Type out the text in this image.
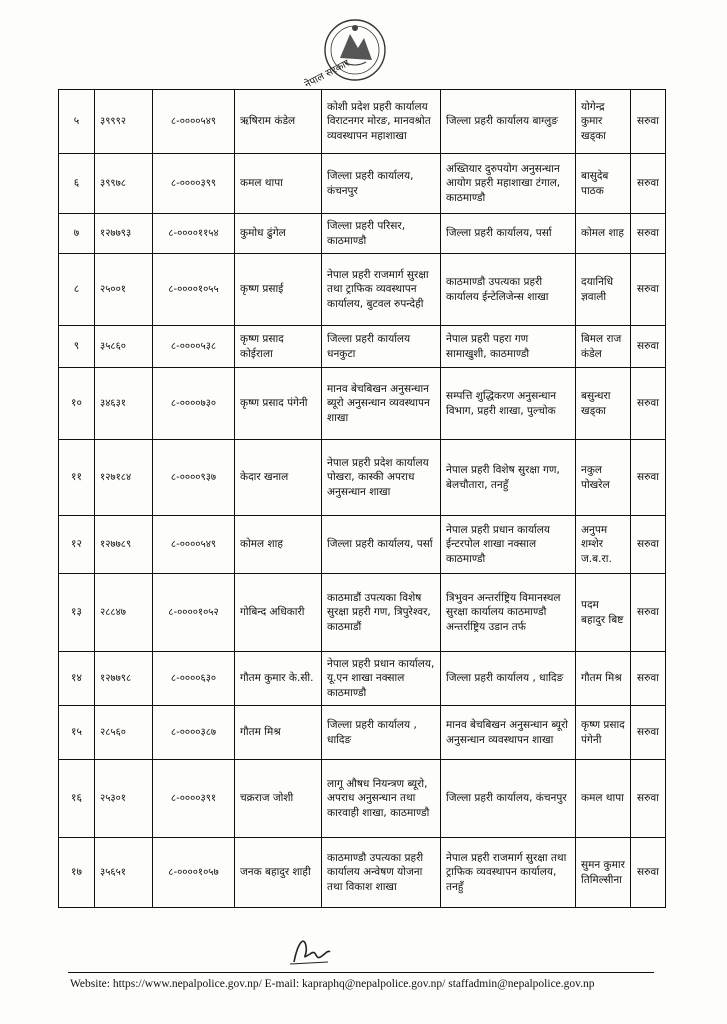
नेपाल सरकार
५	३९९९२	८-००००५४९	ऋषिराम कंडेल	कोशी प्रदेश प्रहरी कार्यालय विराटनगर मोरङ, मानवश्रोत व्यवस्थापन महाशाखा	जिल्ला प्रहरी कार्यालय बाग्लुङ	योगेन्द्र कुमार खड्का	सरुवा
६	३९९७८	८-००००३९९	कमल थापा	जिल्ला प्रहरी कार्यालय, कंचनपुर	अख्तियार दुरुपयोग अनुसन्धान आयोग प्रहरी महाशाखा टंगाल, काठमाण्डौ	बासुदेब पाठक	सरुवा
७	१२७७९३	८-००००११५४	कुमोध ढुंगेल	जिल्ला प्रहरी परिसर, काठमाण्डौ	जिल्ला प्रहरी कार्यालय, पर्सा	कोमल शाह	सरुवा
८	२५००१	८-००००१०५५	कृष्ण प्रसाई	नेपाल प्रहरी राजमार्ग सुरक्षा तथा ट्राफिक व्यवस्थापन कार्यालय, बुटवल रुपन्देही	काठमाण्डौ उपत्यका प्रहरी कार्यालय ईन्टेलिजेन्स शाखा	दयानिधि ज्ञवाली	सरुवा
९	३५८६०	८-००००५३८	कृष्ण प्रसाद कोईराला	जिल्ला प्रहरी कार्यालय धनकुटा	नेपाल प्रहरी पहरा गण सामाखुशी, काठमाण्डौ	बिमल राज कंडेल	सरुवा
१०	३४६३१	८-००००७३०	कृष्ण प्रसाद पंगेनी	मानव बेचबिखन अनुसन्धान ब्यूरो अनुसन्धान व्यवस्थापन शाखा	सम्पत्ति शुद्धिकरण अनुसन्धान विभाग, प्रहरी शाखा, पुल्चोक	बसुन्धरा खड्का	सरुवा
११	१२७१८४	८-००००९३७	केदार खनाल	नेपाल प्रहरी प्रदेश कार्यालय पोखरा, कास्की अपराध अनुसन्धान शाखा	नेपाल प्रहरी विशेष सुरक्षा गण, बेलचौतारा, तनहुँ	नकुल पोखरेल	सरुवा
१२	१२७७८९	८-००००५४९	कोमल शाह	जिल्ला प्रहरी कार्यालय, पर्सा	नेपाल प्रहरी प्रधान कार्यालय ईन्टरपोल शाखा नक्साल काठमाण्डौ	अनुपम शम्शेर ज.ब.रा.	सरुवा
१३	२८८४७	८-००००१०५२	गोबिन्द अधिकारी	काठमाडौं उपत्यका विशेष सुरक्षा प्रहरी गण, त्रिपुरेश्वर, काठमाडौं	त्रिभुवन अन्तर्राष्ट्रिय विमानस्थल सुरक्षा कार्यालय काठमाण्डौ अन्तर्राष्ट्रिय उडान तर्फ	पदम बहादुर बिष्ट	सरुवा
१४	१२७७९८	८-००००६३०	गौतम कुमार के.सी.	नेपाल प्रहरी प्रधान कार्यालय, यू.एन शाखा नक्साल काठमाण्डौ	जिल्ला प्रहरी कार्यालय , धादिङ	गौतम मिश्र	सरुवा
१५	२८५६०	८-००००३८७	गौतम मिश्र	जिल्ला प्रहरी कार्यालय , धादिङ	मानव बेचबिखन अनुसन्धान ब्यूरो अनुसन्धान व्यवस्थापन शाखा	कृष्ण प्रसाद पंगेनी	सरुवा
१६	२५३०१	८-००००३९१	चक्रराज जोशी	लागू औषध नियन्त्रण ब्यूरो, अपराध अनुसन्धान तथा कारवाही शाखा, काठमाण्डौ	जिल्ला प्रहरी कार्यालय, कंचनपुर	कमल थापा	सरुवा
१७	३५६५१	८-००००१०५७	जनक बहादुर शाही	काठमाण्डौ उपत्यका प्रहरी कार्यालय अन्वेषण योजना तथा विकाश शाखा	नेपाल प्रहरी राजमार्ग सुरक्षा तथा ट्राफिक व्यवस्थापन कार्यालय, तनहुँ	सुमन कुमार तिमिल्सीना	सरुवा
Website: https://www.nepalpolice.gov.np/ E-mail: kapraphq@nepalpolice.gov.np/ staffadmin@nepalpolice.gov.np
